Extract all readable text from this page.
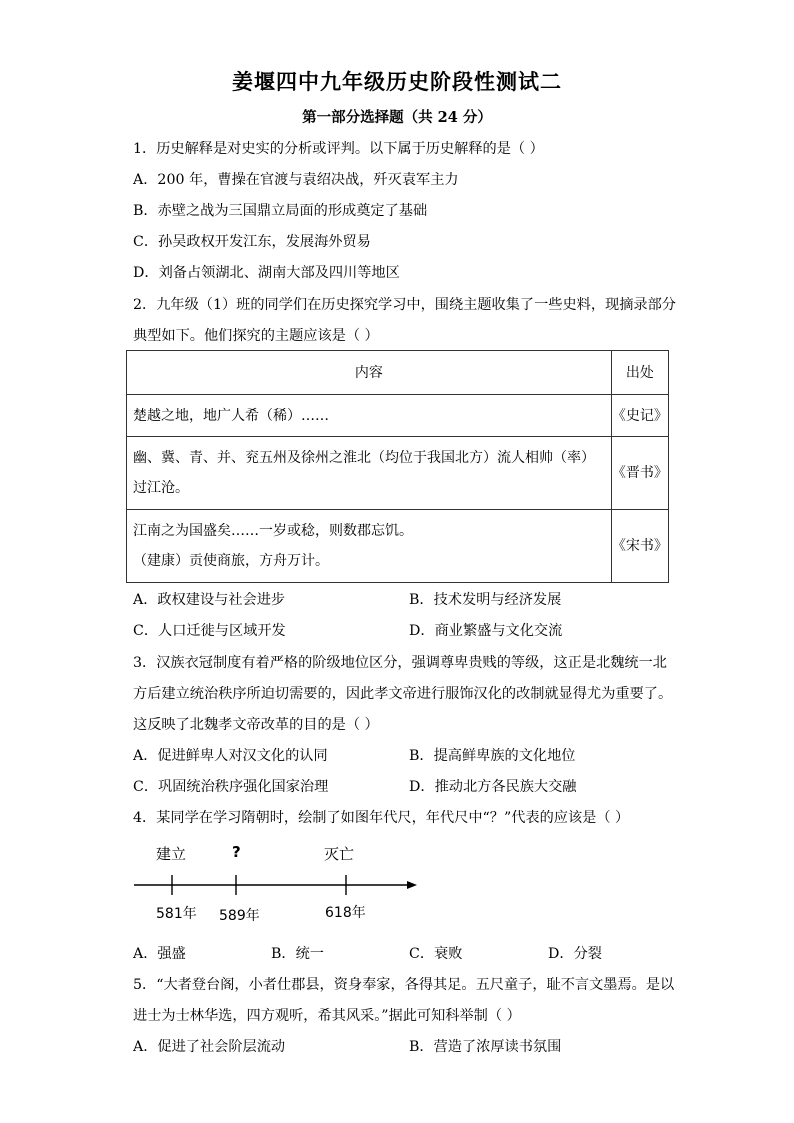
姜堰四中九年级历史阶段性测试二
第一部分选择题（共 24 分）
1．历史解释是对史实的分析或评判。以下属于历史解释的是（ ）
A．200 年，曹操在官渡与袁绍决战，歼灭袁军主力
B．赤壁之战为三国鼎立局面的形成奠定了基础
C．孙吴政权开发江东，发展海外贸易
D．刘备占领湖北、湖南大部及四川等地区
2．九年级（1）班的同学们在历史探究学习中，围绕主题收集了一些史料，现摘录部分
典型如下。他们探究的主题应该是（ ）
内容	出处
楚越之地，地广人希（稀）……	《史记》

幽、冀、青、并、兖五州及徐州之淮北（均位于我国北方）流人相帅（率）
过江沧。	《晋书》

江南之为国盛矣……一岁或稔，则数郡忘饥。
（建康）贡使商旅，方舟万计。	《宋书》
A．政权建设与社会进步	B．技术发明与经济发展
C．人口迁徙与区域开发	D．商业繁盛与文化交流
3．汉族衣冠制度有着严格的阶级地位区分，强调尊卑贵贱的等级，这正是北魏统一北
方后建立统治秩序所迫切需要的，因此孝文帝进行服饰汉化的改制就显得尤为重要了。
这反映了北魏孝文帝改革的目的是（ ）
A．促进鲜卑人对汉文化的认同	B．提高鲜卑族的文化地位
C．巩固统治秩序强化国家治理	D．推动北方各民族大交融
4．某同学在学习隋朝时，绘制了如图年代尺，年代尺中“？”代表的应该是（ ）
建立	?	灭亡
581年 589年	618年
A．强盛	B．统一	C．衰败	D．分裂
5．“大者登台阁，小者仕郡县，资身奉家，各得其足。五尺童子，耻不言文墨焉。是以
进士为士林华选，四方观听，希其风采。”据此可知科举制（ ）
A．促进了社会阶层流动	B．营造了浓厚读书氛围
